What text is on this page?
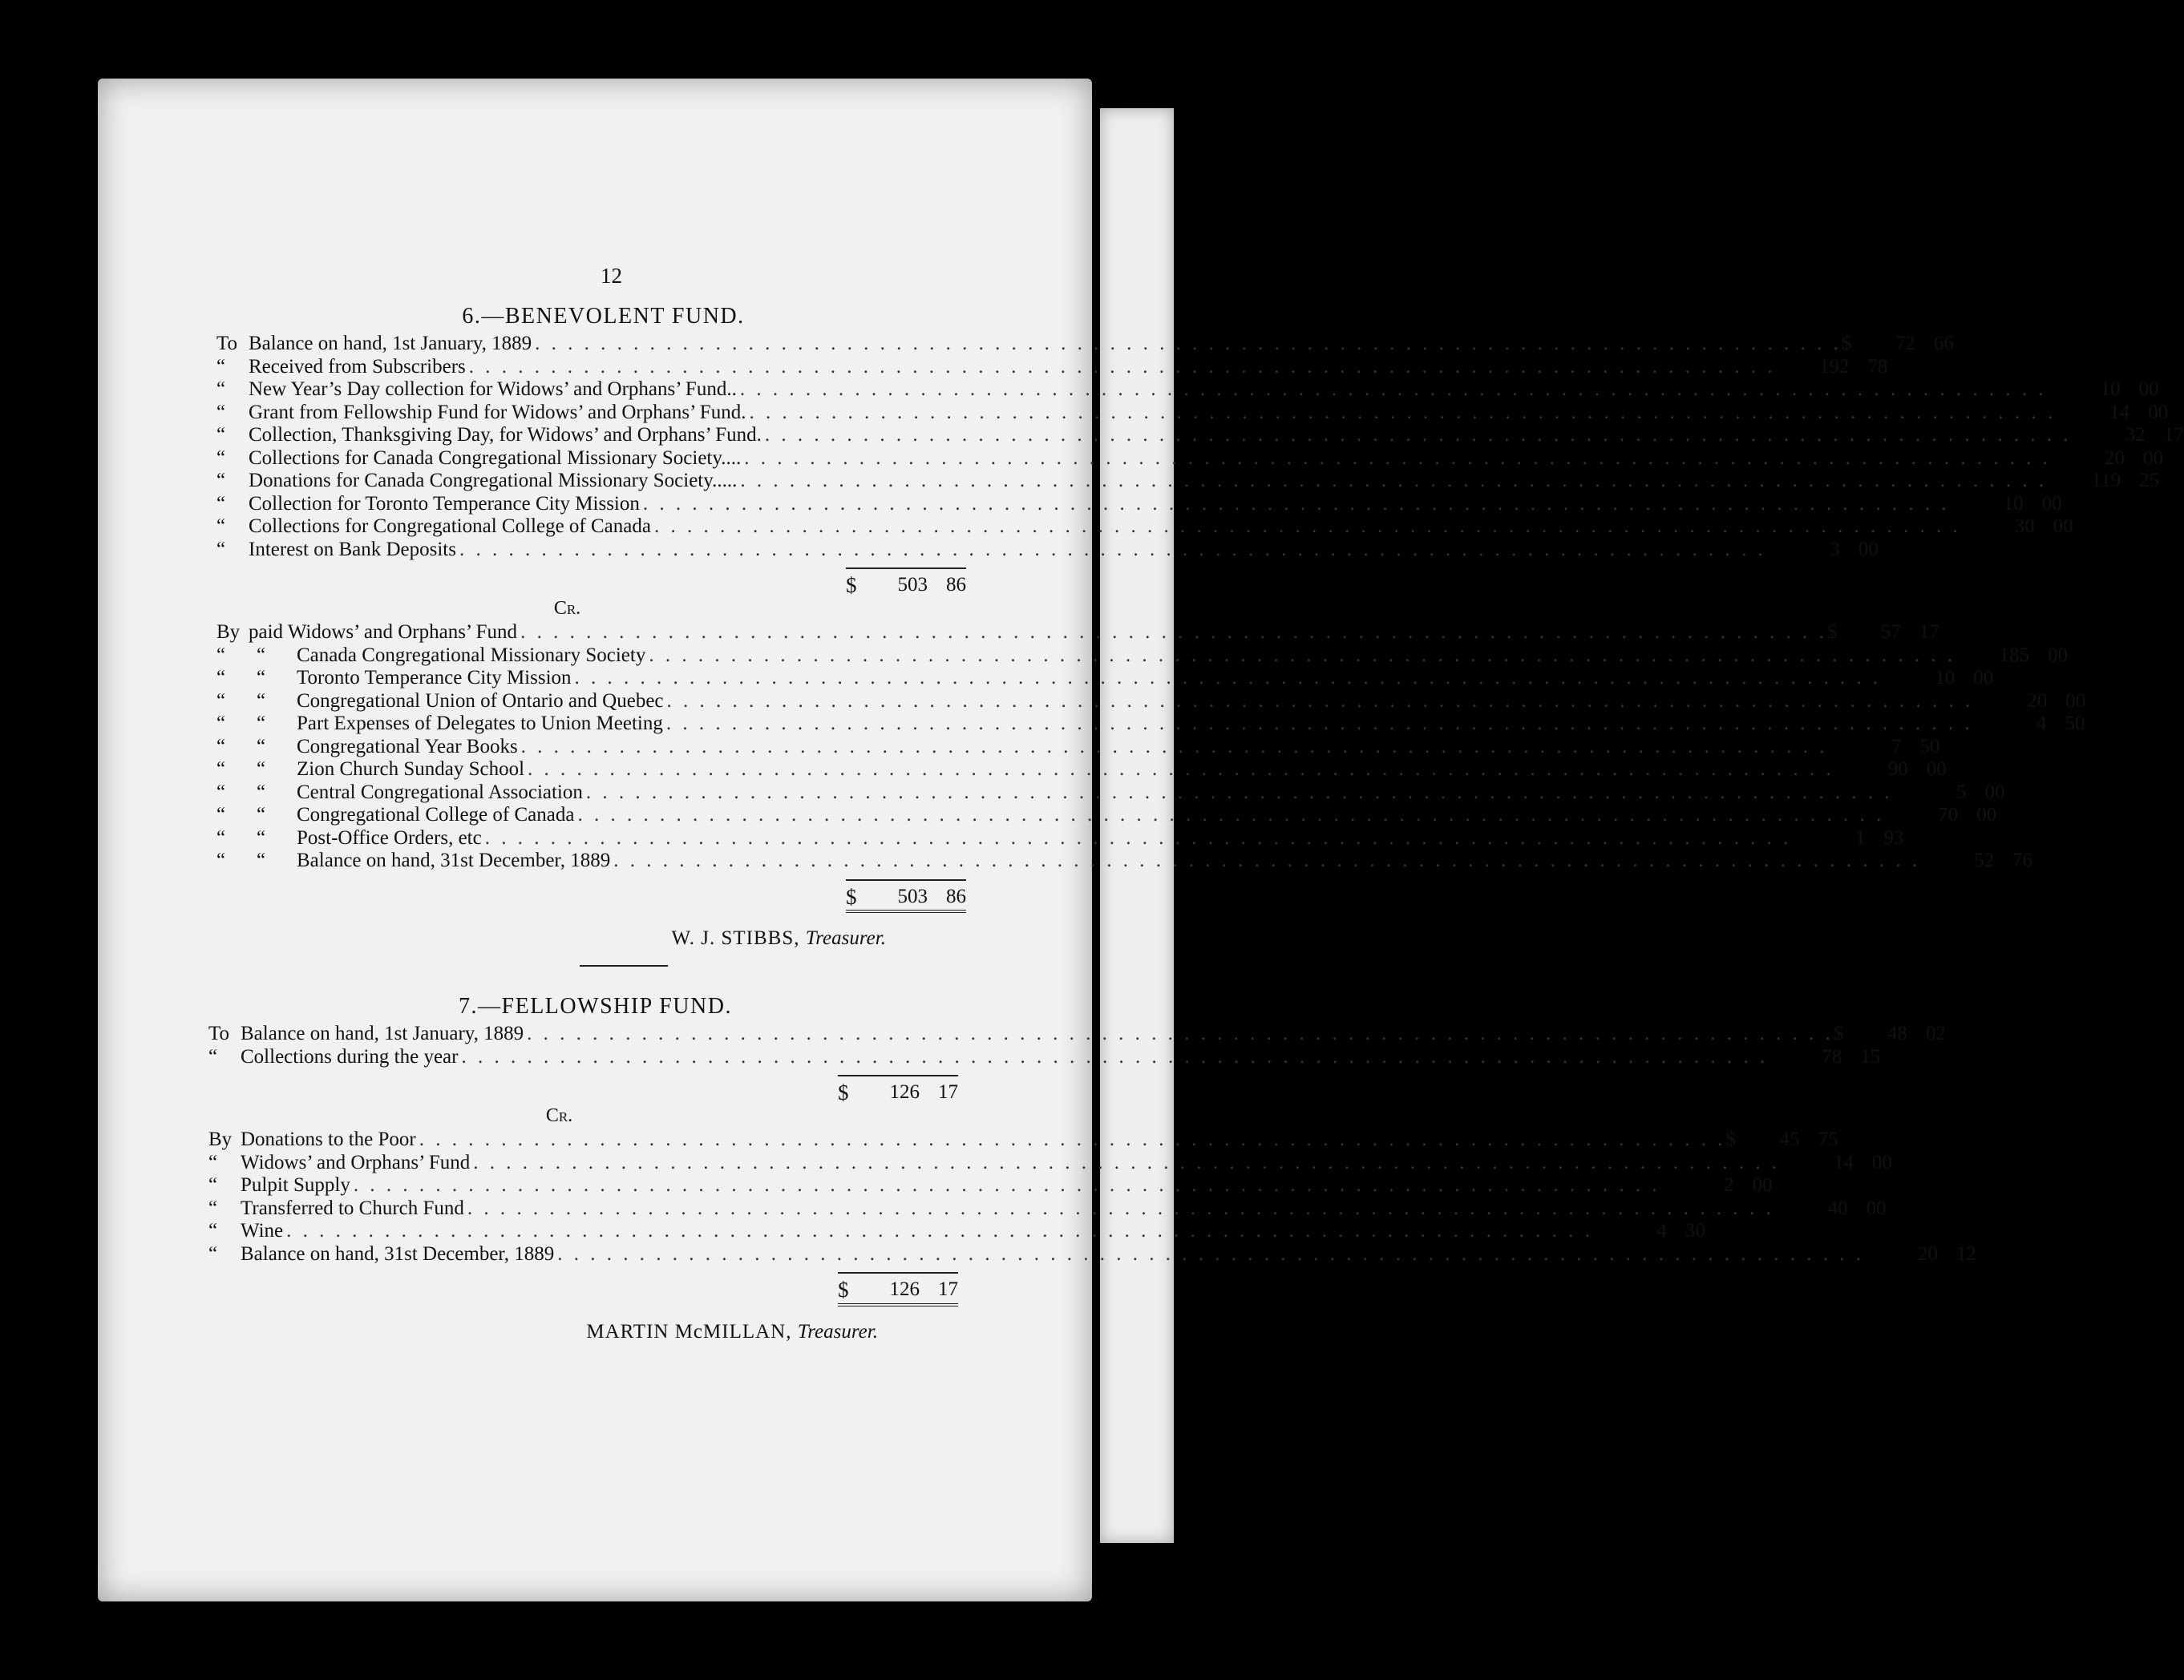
12
6.—BENEVOLENT FUND.
To Balance on hand, 1st January, 1889 . . . . . . . . . . . . . . . . . . . . . . . . . . . . . . . . . . . . . . . . . . . . . . . . . . . . . . . . . . . . . . . . . . . . . . . . . . . . . . . . $	72 66
“	Received from Subscribers . . . . . . . . . . . . . . . . . . . . . . . . . . . . . . . . . . . . . . . . . . . . . . . . . . . . . . . . . . . . . . . . . . . . . . . . . . . . . . . .	192 78
“	New Year’s Day collection for Widows’ and Orphans’ Fund.. . . . . . . . . . . . . . . . . . . . . . . . . . . . . . . . . . . . . . . . . . . . . . . . . . . . . . . . . . . . . . . . . . . . . . . . . . . . . . . . .	10 00
“	Grant from Fellowship Fund for Widows’ and Orphans’ Fund. . . . . . . . . . . . . . . . . . . . . . . . . . . . . . . . . . . . . . . . . . . . . . . . . . . . . . . . . . . . . . . . . . . . . . . . . . . . . . . . .	14 00
“	Collection, Thanksgiving Day, for Widows’ and Orphans’ Fund. . . . . . . . . . . . . . . . . . . . . . . . . . . . . . . . . . . . . . . . . . . . . . . . . . . . . . . . . . . . . . . . . . . . . . . . . . . . . . . . .	32 17
“	Collections for Canada Congregational Missionary Society.... . . . . . . . . . . . . . . . . . . . . . . . . . . . . . . . . . . . . . . . . . . . . . . . . . . . . . . . . . . . . . . . . . . . . . . . . . . . . . . . .	20 00
“	Donations for Canada Congregational Missionary Society..... . . . . . . . . . . . . . . . . . . . . . . . . . . . . . . . . . . . . . . . . . . . . . . . . . . . . . . . . . . . . . . . . . . . . . . . . . . . . . . . .	119 25
“	Collection for Toronto Temperance City Mission . . . . . . . . . . . . . . . . . . . . . . . . . . . . . . . . . . . . . . . . . . . . . . . . . . . . . . . . . . . . . . . . . . . . . . . . . . . . . . . .	10 00
“	Collections for Congregational College of Canada . . . . . . . . . . . . . . . . . . . . . . . . . . . . . . . . . . . . . . . . . . . . . . . . . . . . . . . . . . . . . . . . . . . . . . . . . . . . . . . .	30 00
“	Interest on Bank Deposits . . . . . . . . . . . . . . . . . . . . . . . . . . . . . . . . . . . . . . . . . . . . . . . . . . . . . . . . . . . . . . . . . . . . . . . . . . . . . . . .	3 00
$	503 86
Cr.
By paid Widows’ and Orphans’ Fund . . . . . . . . . . . . . . . . . . . . . . . . . . . . . . . . . . . . . . . . . . . . . . . . . . . . . . . . . . . . . . . . . . . . . . . . . . . . . . . . $	57 17
“	“	Canada Congregational Missionary Society . . . . . . . . . . . . . . . . . . . . . . . . . . . . . . . . . . . . . . . . . . . . . . . . . . . . . . . . . . . . . . . . . . . . . . . . . . . . . . . .	185 00
“	“	Toronto Temperance City Mission . . . . . . . . . . . . . . . . . . . . . . . . . . . . . . . . . . . . . . . . . . . . . . . . . . . . . . . . . . . . . . . . . . . . . . . . . . . . . . . .	10 00
“	“	Congregational Union of Ontario and Quebec . . . . . . . . . . . . . . . . . . . . . . . . . . . . . . . . . . . . . . . . . . . . . . . . . . . . . . . . . . . . . . . . . . . . . . . . . . . . . . . .	20 00
“	“	Part Expenses of Delegates to Union Meeting . . . . . . . . . . . . . . . . . . . . . . . . . . . . . . . . . . . . . . . . . . . . . . . . . . . . . . . . . . . . . . . . . . . . . . . . . . . . . . . .	4 50
“	“	Congregational Year Books . . . . . . . . . . . . . . . . . . . . . . . . . . . . . . . . . . . . . . . . . . . . . . . . . . . . . . . . . . . . . . . . . . . . . . . . . . . . . . . .	7 50
“	“	Zion Church Sunday School . . . . . . . . . . . . . . . . . . . . . . . . . . . . . . . . . . . . . . . . . . . . . . . . . . . . . . . . . . . . . . . . . . . . . . . . . . . . . . . .	90 00
“	“	Central Congregational Association . . . . . . . . . . . . . . . . . . . . . . . . . . . . . . . . . . . . . . . . . . . . . . . . . . . . . . . . . . . . . . . . . . . . . . . . . . . . . . . .	5 00
“	“	Congregational College of Canada . . . . . . . . . . . . . . . . . . . . . . . . . . . . . . . . . . . . . . . . . . . . . . . . . . . . . . . . . . . . . . . . . . . . . . . . . . . . . . . .	70 00
“	“	Post-Office Orders, etc . . . . . . . . . . . . . . . . . . . . . . . . . . . . . . . . . . . . . . . . . . . . . . . . . . . . . . . . . . . . . . . . . . . . . . . . . . . . . . . .	1 93
“	“	Balance on hand, 31st December, 1889 . . . . . . . . . . . . . . . . . . . . . . . . . . . . . . . . . . . . . . . . . . . . . . . . . . . . . . . . . . . . . . . . . . . . . . . . . . . . . . . .	52 76
$	503 86
W. J. STIBBS, Treasurer.
7.—FELLOWSHIP FUND.
To Balance on hand, 1st January, 1889 . . . . . . . . . . . . . . . . . . . . . . . . . . . . . . . . . . . . . . . . . . . . . . . . . . . . . . . . . . . . . . . . . . . . . . . . . . . . . . . . $	48 02
“	Collections during the year . . . . . . . . . . . . . . . . . . . . . . . . . . . . . . . . . . . . . . . . . . . . . . . . . . . . . . . . . . . . . . . . . . . . . . . . . . . . . . . .	78 15
$	126 17
Cr.
By Donations to the Poor . . . . . . . . . . . . . . . . . . . . . . . . . . . . . . . . . . . . . . . . . . . . . . . . . . . . . . . . . . . . . . . . . . . . . . . . . . . . . . . . $	45 75
“	Widows’ and Orphans’ Fund . . . . . . . . . . . . . . . . . . . . . . . . . . . . . . . . . . . . . . . . . . . . . . . . . . . . . . . . . . . . . . . . . . . . . . . . . . . . . . . .	14 00
“	Pulpit Supply . . . . . . . . . . . . . . . . . . . . . . . . . . . . . . . . . . . . . . . . . . . . . . . . . . . . . . . . . . . . . . . . . . . . . . . . . . . . . . . .	2 00
“	Transferred to Church Fund . . . . . . . . . . . . . . . . . . . . . . . . . . . . . . . . . . . . . . . . . . . . . . . . . . . . . . . . . . . . . . . . . . . . . . . . . . . . . . . .	40 00
“	Wine . . . . . . . . . . . . . . . . . . . . . . . . . . . . . . . . . . . . . . . . . . . . . . . . . . . . . . . . . . . . . . . . . . . . . . . . . . . . . . . .	4 30
“	Balance on hand, 31st December, 1889 . . . . . . . . . . . . . . . . . . . . . . . . . . . . . . . . . . . . . . . . . . . . . . . . . . . . . . . . . . . . . . . . . . . . . . . . . . . . . . . .	20 12
$	126 17
MARTIN McMILLAN, Treasurer.
